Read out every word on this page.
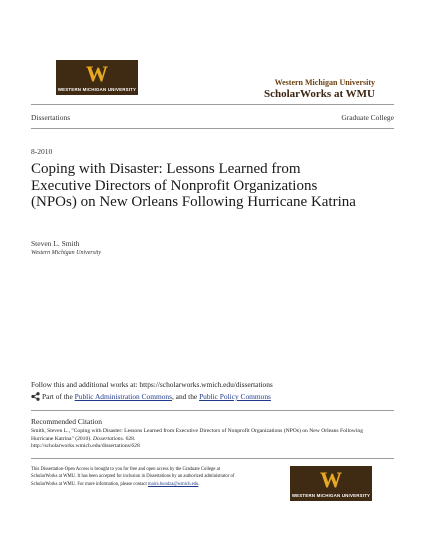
W
WESTERN MICHIGAN UNIVERSITY
Western Michigan University
ScholarWorks at WMU
Dissertations	Graduate College
8-2010
Coping with Disaster: Lessons Learned from Executive Directors of Nonprofit Organizations (NPOs) on New Orleans Following Hurricane Katrina
Steven L. Smith
Western Michigan University
Follow this and additional works at: https://scholarworks.wmich.edu/dissertations
Part of the Public Administration Commons , and the Public Policy Commons
Recommended Citation
Smith, Steven L., "Coping with Disaster: Lessons Learned from Executive Directors of Nonprofit Organizations (NPOs) on New Orleans Following Hurricane Katrina" (2010). Dissertations. 628.
http://scholarworks.wmich.edu/dissertations/628
This Dissertation-Open Access is brought to you for free and open access by the Graduate College at ScholarWorks at WMU. It has been accepted for inclusion in Dissertations by an authorized administrator of ScholarWorks at WMU. For more information, please contact maira.bundza@wmich.edu.	W
WESTERN MICHIGAN UNIVERSITY
